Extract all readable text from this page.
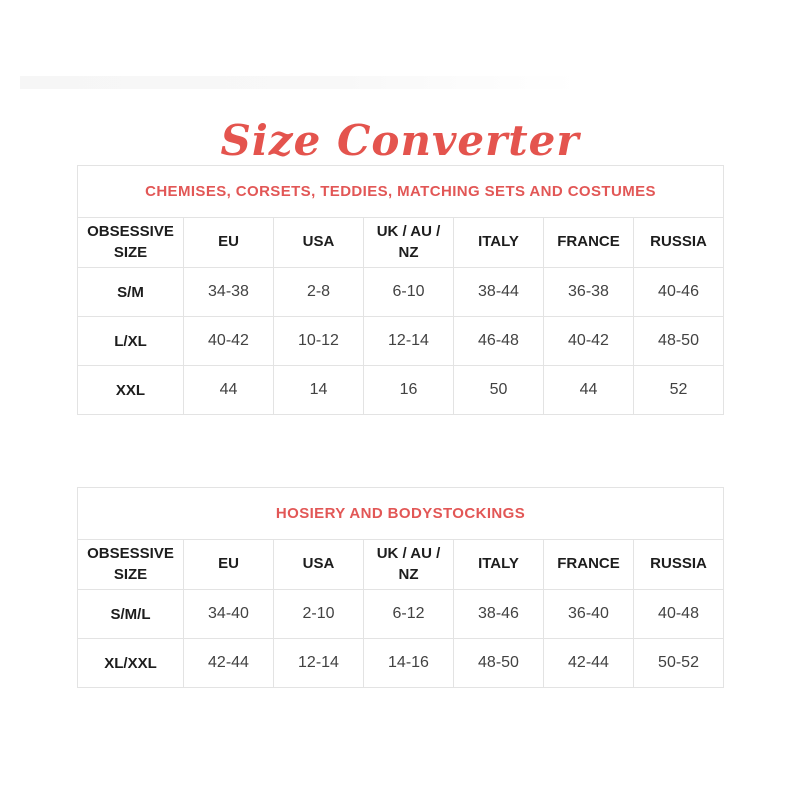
Size Converter
CHEMISES, CORSETS, TEDDIES, MATCHING SETS AND COSTUMES						
OBSESSIVE SIZE	EU	USA	UK / AU / NZ	ITALY	FRANCE	RUSSIA
S/M	34-38	2-8	6-10	38-44	36-38	40-46
L/XL	40-42	10-12	12-14	46-48	40-42	48-50
XXL	44	14	16	50	44	52
HOSIERY AND BODYSTOCKINGS						
OBSESSIVE SIZE	EU	USA	UK / AU / NZ	ITALY	FRANCE	RUSSIA
S/M/L	34-40	2-10	6-12	38-46	36-40	40-48
XL/XXL	42-44	12-14	14-16	48-50	42-44	50-52
